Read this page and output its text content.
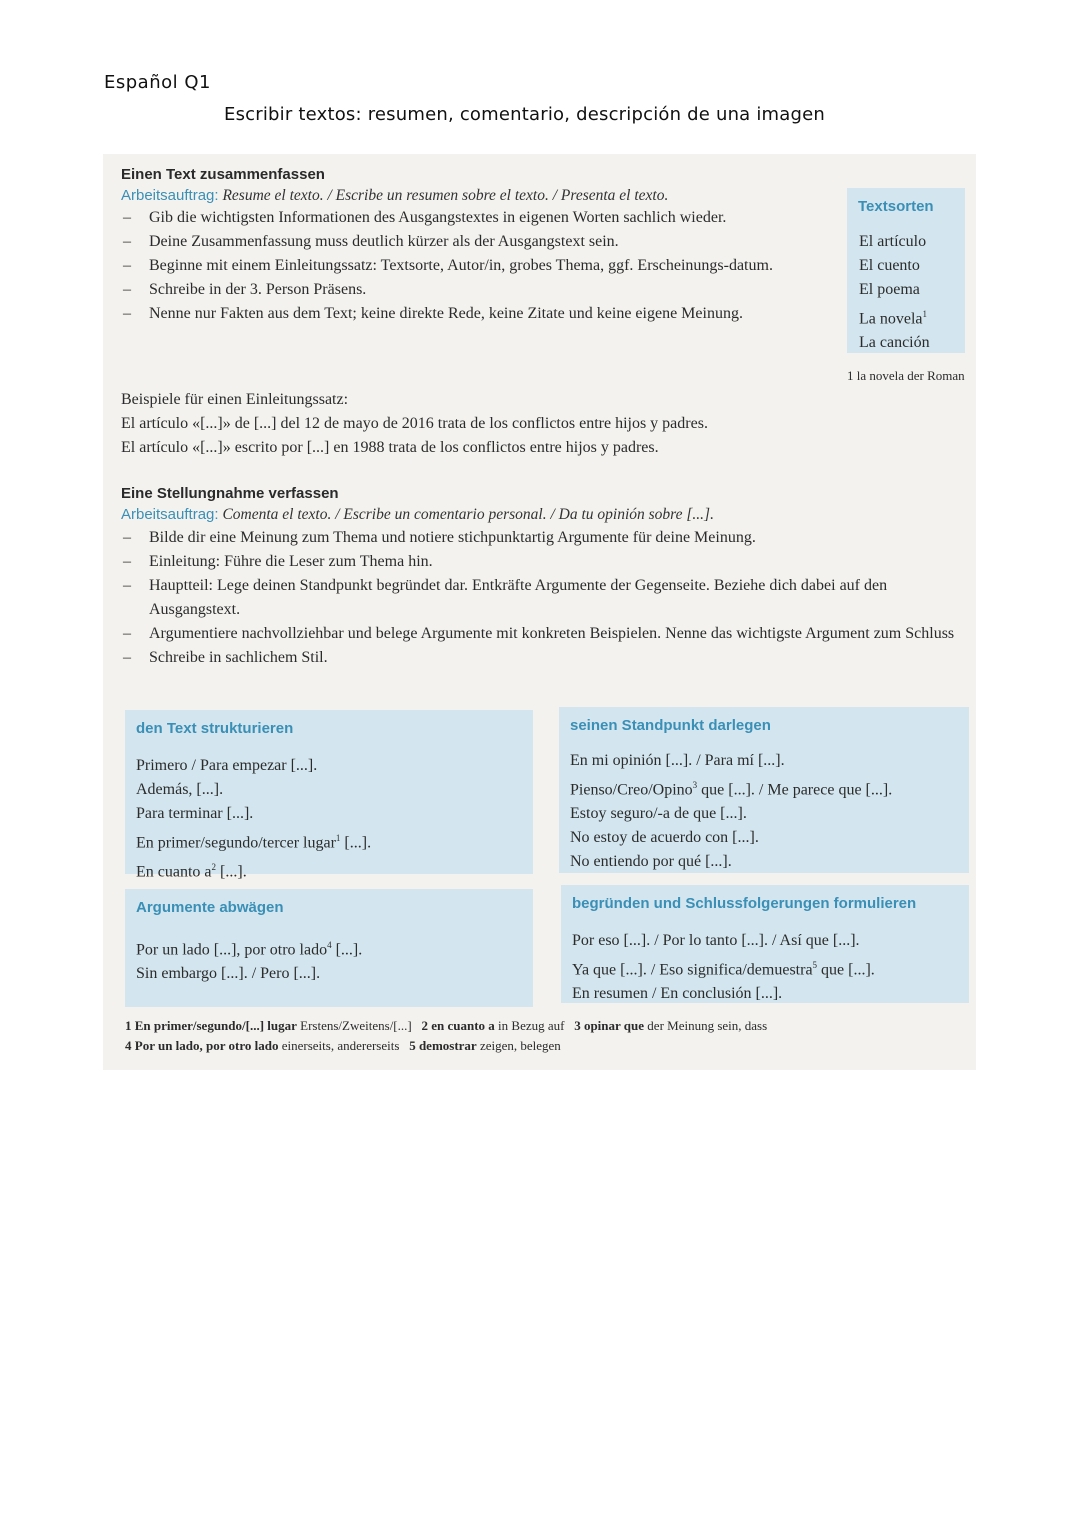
Español Q1
Escribir textos: resumen, comentario, descripción de una imagen
Einen Text zusammenfassen
Arbeitsauftrag: Resume el texto. / Escribe un resumen sobre el texto. / Presenta el texto.
– Gib die wichtigsten Informationen des Ausgangstextes in eigenen Worten sachlich wieder.
– Deine Zusammenfassung muss deutlich kürzer als der Ausgangstext sein.
– Beginne mit einem Einleitungssatz: Textsorte, Autor/in, grobes Thema, ggf. Erscheinungs-datum.
– Schreibe in der 3. Person Präsens.
– Nenne nur Fakten aus dem Text; keine direkte Rede, keine Zitate und keine eigene Meinung.
Beispiele für einen Einleitungssatz:
El artículo «[...]» de [...] del 12 de mayo de 2016 trata de los conflictos entre hijos y padres.
El artículo «[...]» escrito por [...] en 1988 trata de los conflictos entre hijos y padres.
Textsorten
El artículo
El cuento
El poema
La novela$^1$
La canción
1 la novela der Roman
Eine Stellungnahme verfassen
Arbeitsauftrag: Comenta el texto. / Escribe un comentario personal. / Da tu opinión sobre [...].
– Bilde dir eine Meinung zum Thema und notiere stichpunktartig Argumente für deine Meinung.
– Einleitung: Führe die Leser zum Thema hin.
– Hauptteil: Lege deinen Standpunkt begründet dar. Entkräfte Argumente der Gegenseite. Beziehe dich dabei auf den Ausgangstext.
– Argumentiere nachvollziehbar und belege Argumente mit konkreten Beispielen. Nenne das wichtigste Argument zum Schluss
– Schreibe in sachlichem Stil.
den Text strukturieren
Primero / Para empezar [...].
Además, [...].
Para terminar [...].
En primer/segundo/tercer lugar$^1$ [...].
En cuanto $a^2$ [...].
seinen Standpunkt darlegen
En mi opinión [...]. / Para mí [...].
Pienso/Creo/Opino$^3$ que [...]. / Me parece que [...].
Estoy seguro/-a de que [...].
No estoy de acuerdo con [...].
No entiendo por qué [...].
Argumente abwägen
Por un lado [...], por otro lado$^4$ [...].
Sin embargo [...]. / Pero [...].
begründen und Schlussfolgerungen formulieren
Por eso [...]. / Por lo tanto [...]. / Así que [...].
Ya que [...]. / Eso significa/demuestra$^5$ que [...].
En resumen / En conclusión [...].
1 En primer/segundo/[...] lugar Erstens/Zweitens/[...] 2 en cuanto a in Bezug auf 3 opinar que der Meinung sein, dass
4 Por un lado, por otro lado einerseits, andererseits 5 demostrar zeigen, belegen
